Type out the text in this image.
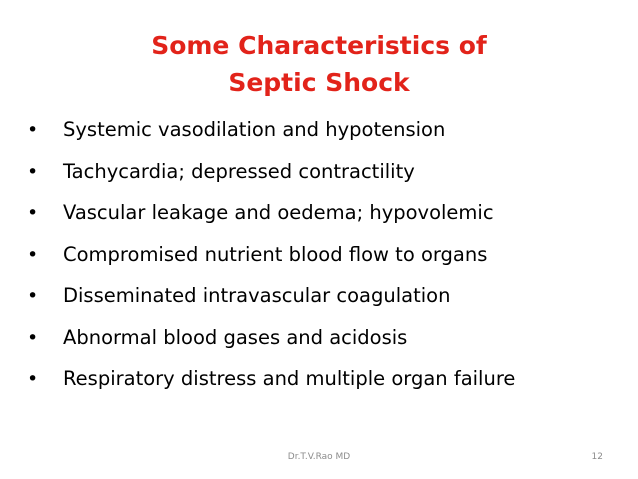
Some Characteristics of
Septic Shock
•	Systemic vasodilation and hypotension
•	Tachycardia; depressed contractility
•	Vascular leakage and oedema; hypovolemic
•	Compromised nutrient blood flow to organs
•	Disseminated intravascular coagulation
•	Abnormal blood gases and acidosis
•	Respiratory distress and multiple organ failure
Dr.T.V.Rao MD	12
